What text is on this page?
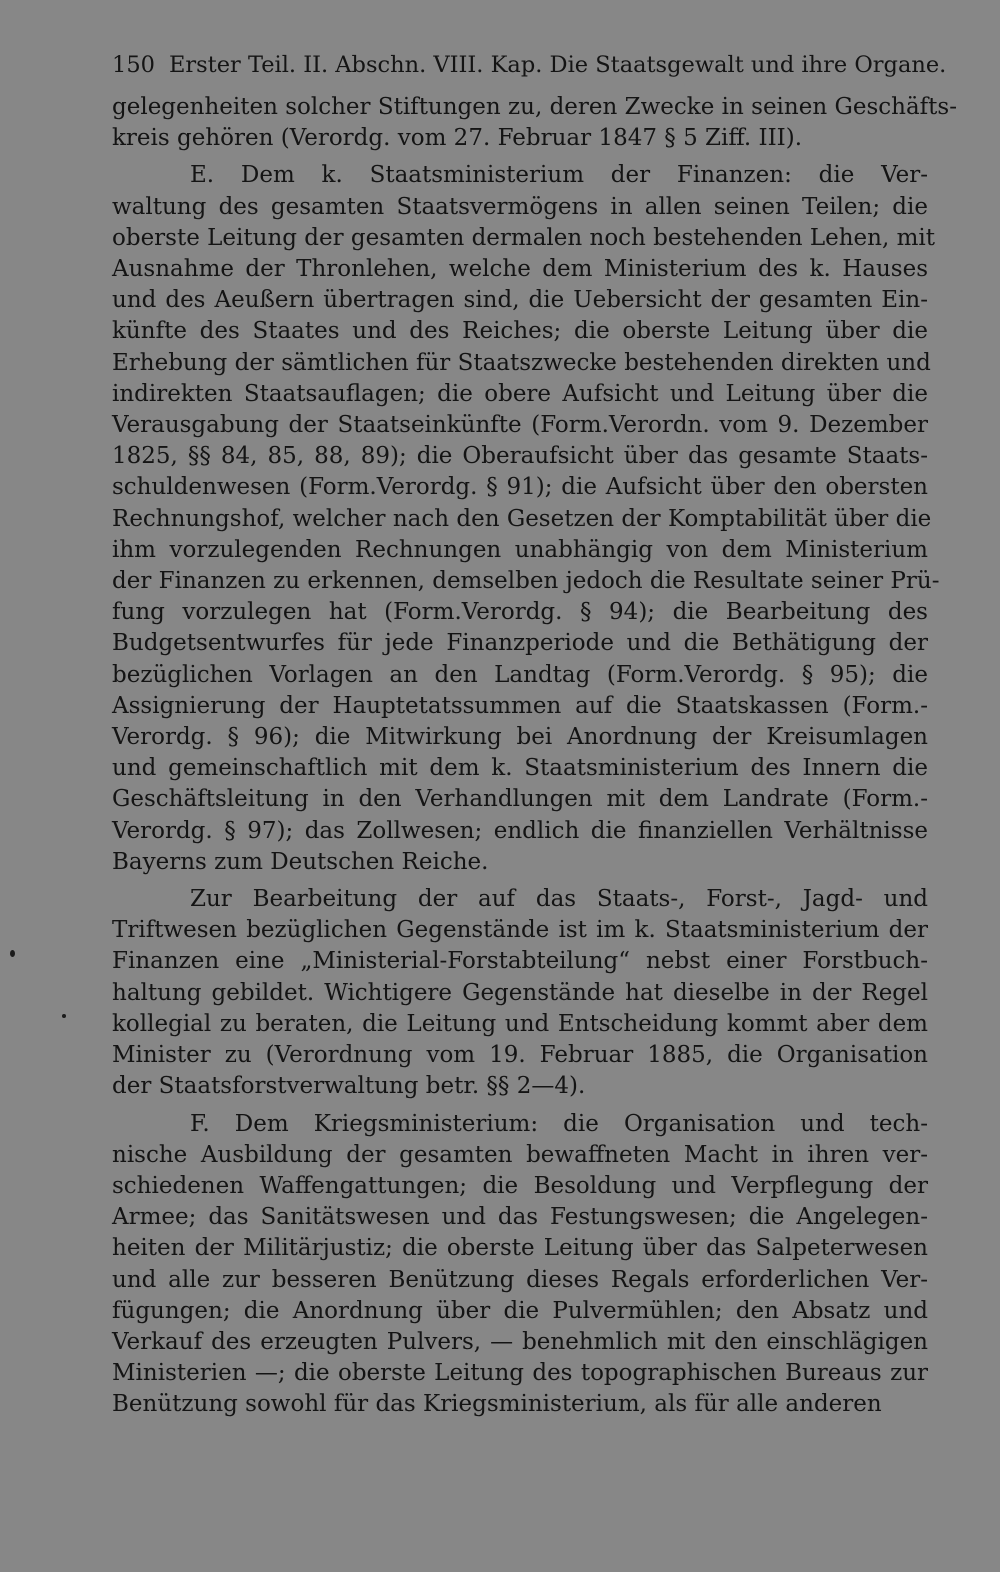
150 Erster Teil. II. Abschn. VIII. Kap. Die Staatsgewalt und ihre Organe.
gelegenheiten solcher Stiftungen zu, deren Zwecke in seinen Geschäfts-
kreis gehören (Verordg. vom 27. Februar 1847 § 5 Ziff. III).
E. Dem k. Staatsministerium der Finanzen: die Ver-
waltung des gesamten Staatsvermögens in allen seinen Teilen; die
oberste Leitung der gesamten dermalen noch bestehenden Lehen, mit
Ausnahme der Thronlehen, welche dem Ministerium des k. Hauses
und des Aeußern übertragen sind, die Uebersicht der gesamten Ein-
künfte des Staates und des Reiches; die oberste Leitung über die
Erhebung der sämtlichen für Staatszwecke bestehenden direkten und
indirekten Staatsauflagen; die obere Aufsicht und Leitung über die
Verausgabung der Staatseinkünfte (Form.Verordn. vom 9. Dezember
1825, §§ 84, 85, 88, 89); die Oberaufsicht über das gesamte Staats-
schuldenwesen (Form.Verordg. § 91); die Aufsicht über den obersten
Rechnungshof, welcher nach den Gesetzen der Komptabilität über die
ihm vorzulegenden Rechnungen unabhängig von dem Ministerium
der Finanzen zu erkennen, demselben jedoch die Resultate seiner Prü-
fung vorzulegen hat (Form.Verordg. § 94); die Bearbeitung des
Budgetsentwurfes für jede Finanzperiode und die Bethätigung der
bezüglichen Vorlagen an den Landtag (Form.Verordg. § 95); die
Assignierung der Hauptetatssummen auf die Staatskassen (Form.-
Verordg. § 96); die Mitwirkung bei Anordnung der Kreisumlagen
und gemeinschaftlich mit dem k. Staatsministerium des Innern die
Geschäftsleitung in den Verhandlungen mit dem Landrate (Form.-
Verordg. § 97); das Zollwesen; endlich die finanziellen Verhältnisse
Bayerns zum Deutschen Reiche.
Zur Bearbeitung der auf das Staats-, Forst-, Jagd- und
Triftwesen bezüglichen Gegenstände ist im k. Staatsministerium der
Finanzen eine „Ministerial-Forstabteilung“ nebst einer Forstbuch-
haltung gebildet. Wichtigere Gegenstände hat dieselbe in der Regel
kollegial zu beraten, die Leitung und Entscheidung kommt aber dem
Minister zu (Verordnung vom 19. Februar 1885, die Organisation
der Staatsforstverwaltung betr. §§ 2—4).
F. Dem Kriegsministerium: die Organisation und tech-
nische Ausbildung der gesamten bewaffneten Macht in ihren ver-
schiedenen Waffengattungen; die Besoldung und Verpflegung der
Armee; das Sanitätswesen und das Festungswesen; die Angelegen-
heiten der Militärjustiz; die oberste Leitung über das Salpeterwesen
und alle zur besseren Benützung dieses Regals erforderlichen Ver-
fügungen; die Anordnung über die Pulvermühlen; den Absatz und
Verkauf des erzeugten Pulvers, — benehmlich mit den einschlägigen
Ministerien —; die oberste Leitung des topographischen Bureaus zur
Benützung sowohl für das Kriegsministerium, als für alle anderen
